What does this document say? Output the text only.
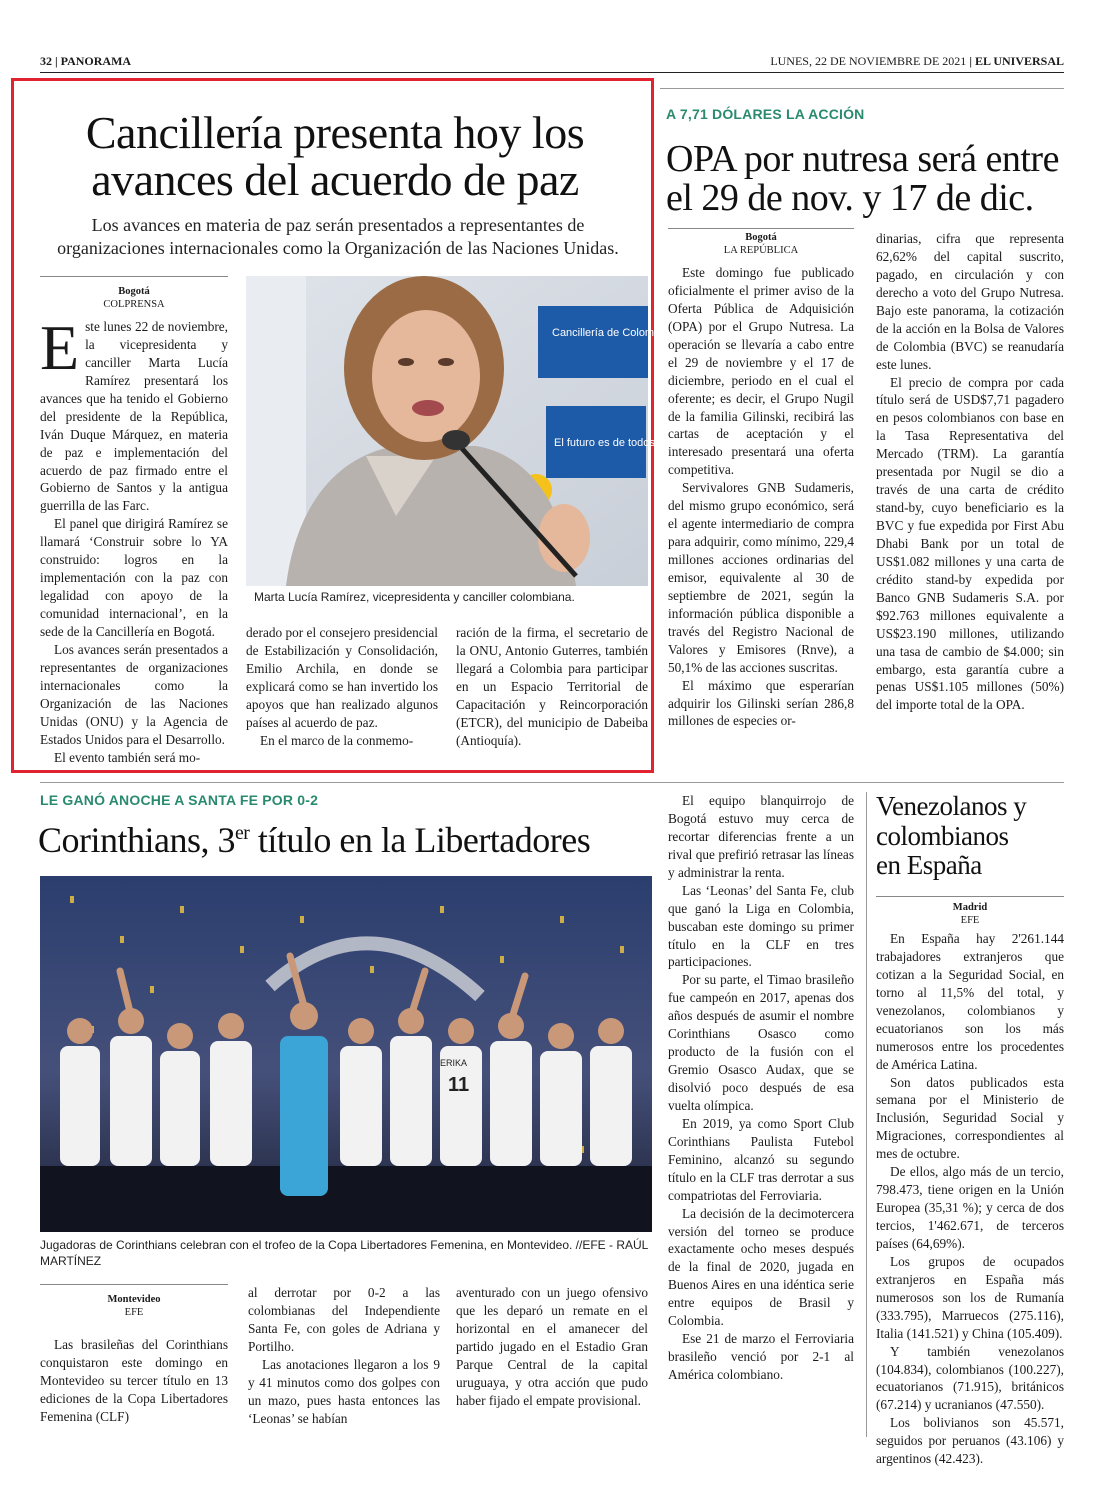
32 | PANORAMA	LUNES, 22 DE NOVIEMBRE DE 2021 | EL UNIVERSAL
Cancillería presenta hoy los
avances del acuerdo de paz
Los avances en materia de paz serán presentados a representantes de organizaciones internacionales como la Organización de las Naciones Unidas.
Bogotá
COLPRENSA
E ste lunes 22 de noviembre, la vicepresidenta y canciller Marta Lucía Ramírez presentará los avances que ha tenido el Gobierno del presidente de la República, Iván Duque Márquez, en materia de paz e implementación del acuerdo de paz firmado entre el Gobierno de Santos y la antigua guerrilla de las Farc.

El panel que dirigirá Ramírez se llamará ‘Construir sobre lo YA construido: logros en la implementación con la paz con legalidad con apoyo de la comunidad internacional’, en la sede de la Cancillería en Bogotá.

Los avances serán presentados a representantes de organizaciones internacionales como la Organización de las Naciones Unidas (ONU) y la Agencia de Estados Unidos para el Desarrollo.

El evento también será mo-

Cancillería de Colombia
El futuro es de todos
Marta Lucía Ramírez, vicepresidenta y canciller colombiana.

derado por el consejero presidencial de Estabilización y Consolidación, Emilio Archila, en donde se explicará como se han invertido los apoyos que han realizado algunos países al acuerdo de paz.

En el marco de la conmemo-

ración de la firma, el secretario de la ONU, Antonio Guterres, también llegará a Colombia para participar en un Espacio Territorial de Capacitación y Reincorporación (ETCR), del municipio de Dabeiba (Antioquía).

A 7,71 DÓLARES LA ACCIÓN
OPA por nutresa será entre
el 29 de nov. y 17 de dic.
Bogotá
LA REPÚBLICA

Este domingo fue publicado oficialmente el primer aviso de la Oferta Pública de Adquisición (OPA) por el Grupo Nutresa. La operación se llevaría a cabo entre el 29 de noviembre y el 17 de diciembre, periodo en el cual el oferente; es decir, el Grupo Nugil de la familia Gilinski, recibirá las cartas de aceptación y el interesado presentará una oferta competitiva.

Servivalores GNB Sudameris, del mismo grupo económico, será el agente intermediario de compra para adquirir, como mínimo, 229,4 millones acciones ordinarias del emisor, equivalente al 30 de septiembre de 2021, según la información pública disponible a través del Registro Nacional de Valores y Emisores (Rnve), a 50,1% de las acciones suscritas.

El máximo que esperarían adquirir los Gilinski serían 286,8 millones de especies or-

dinarias, cifra que representa 62,62% del capital suscrito, pagado, en circulación y con derecho a voto del Grupo Nutresa. Bajo este panorama, la cotización de la acción en la Bolsa de Valores de Colombia (BVC) se reanudaría este lunes.

El precio de compra por cada título será de USD$7,71 pagadero en pesos colombianos con base en la Tasa Representativa del Mercado (TRM). La garantía presentada por Nugil se dio a través de una carta de crédito stand-by, cuyo beneficiario es la BVC y fue expedida por First Abu Dhabi Bank por un total de US$1.082 millones y una carta de crédito stand-by expedida por Banco GNB Sudameris S.A. por $92.763 millones equivalente a US$23.190 millones, utilizando una tasa de cambio de $4.000; sin embargo, esta garantía cubre a penas US$1.105 millones (50%) del importe total de la OPA.

LE GANÓ ANOCHE A SANTA FE POR 0-2
Corinthians, 3er título en la Libertadores
11
ERIKA
Jugadoras de Corinthians celebran con el trofeo de la Copa Libertadores Femenina, en Montevideo. //EFE - RAÚL MARTÍNEZ
Montevideo
EFE

Las brasileñas del Corinthians conquistaron este domingo en Montevideo su tercer título en 13 ediciones de la Copa Libertadores Femenina (CLF)

al derrotar por 0-2 a las colombianas del Independiente Santa Fe, con goles de Adriana y Portilho.

Las anotaciones llegaron a los 9 y 41 minutos como dos golpes con un mazo, pues hasta entonces las ‘Leonas’ se habían

aventurado con un juego ofensivo que les deparó un remate en el horizontal en el amanecer del partido jugado en el Estadio Gran Parque Central de la capital uruguaya, y otra acción que pudo haber fijado el empate provisional.

El equipo blanquirrojo de Bogotá estuvo muy cerca de recortar diferencias frente a un rival que prefirió retrasar las líneas y administrar la renta.

Las ‘Leonas’ del Santa Fe, club que ganó la Liga en Colombia, buscaban este domingo su primer título en la CLF en tres participaciones.

Por su parte, el Timao brasileño fue campeón en 2017, apenas dos años después de asumir el nombre Corinthians Osasco como producto de la fusión con el Gremio Osasco Audax, que se disolvió poco después de esa vuelta olímpica.

En 2019, ya como Sport Club Corinthians Paulista Futebol Feminino, alcanzó su segundo título en la CLF tras derrotar a sus compatriotas del Ferroviaria.

La decisión de la decimotercera versión del torneo se produce exactamente ocho meses después de la final de 2020, jugada en Buenos Aires en una idéntica serie entre equipos de Brasil y Colombia.

Ese 21 de marzo el Ferroviaria brasileño venció por 2-1 al América colombiano.

Venezolanos y
colombianos
en España
Madrid
EFE

En España hay 2'261.144 trabajadores extranjeros que cotizan a la Seguridad Social, en torno al 11,5% del total, y venezolanos, colombianos y ecuatorianos son los más numerosos entre los procedentes de América Latina.

Son datos publicados esta semana por el Ministerio de Inclusión, Seguridad Social y Migraciones, correspondientes al mes de octubre.

De ellos, algo más de un tercio, 798.473, tiene origen en la Unión Europea (35,31 %); y cerca de dos tercios, 1'462.671, de terceros países (64,69%).

Los grupos de ocupados extranjeros en España más numerosos son los de Rumanía (333.795), Marruecos (275.116), Italia (141.521) y China (105.409).

Y también venezolanos (104.834), colombianos (100.227), ecuatorianos (71.915), británicos (67.214) y ucranianos (47.550).

Los bolivianos son 45.571, seguidos por peruanos (43.106) y argentinos (42.423).
